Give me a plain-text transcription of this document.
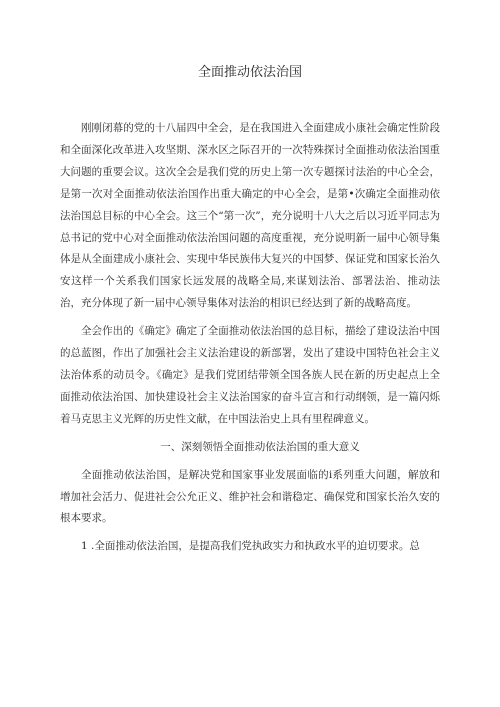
全面推动依法治国

刚刚闭幕的党的十八届四中全会，是在我国进入全面建成小康社会确定性阶段和全面深化改革进入攻坚期、深水区之际召开的一次特殊探讨全面推动依法治国重大问题的重要会议。这次全会是我们党的历史上第一次专题探讨法治的中心全会，是第一次对全面推动依法治国作出重大确定的中心全会，是第•次确定全面推动依法治国总目标的中心全会。这三个“第一次”，充分说明十八大之后以习近平同志为总书记的党中心对全面推动依法治国问题的高度重视，充分说明新一届中心领导集体是从全面建成小康社会、实现中华民族伟大复兴的中国梦、保证党和国家长治久安这样一个关系我们国家长远发展的战略全局,来谋划法治、部署法治、推动法治，充分体现了新一届中心领导集体对法治的相识已经达到了新的战略高度。

全会作出的《确定》确定了全面推动依法治国的总目标，描绘了建设法治中国的总蓝图，作出了加强社会主义法治建设的新部署，发出了建设中国特色社会主义法治体系的动员令。《确定》是我们党团结带领全国各族人民在新的历史起点上全面推动依法治国、加快建设社会主义法治国家的奋斗宣言和行动纲领，是一篇闪烁着马克思主义光辉的历史性文献，在中国法治史上具有里程碑意义。

一、深刻领悟全面推动依法治国的重大意义

全面推动依法治国，是解决党和国家事业发展面临的i系列重大问题，解放和增加社会活力、促进社会公允正义、维护社会和谐稳定、确保党和国家长治久安的根本要求。

1 .全面推动依法治国，是提高我们党执政实力和执政水平的迫切要求。总
